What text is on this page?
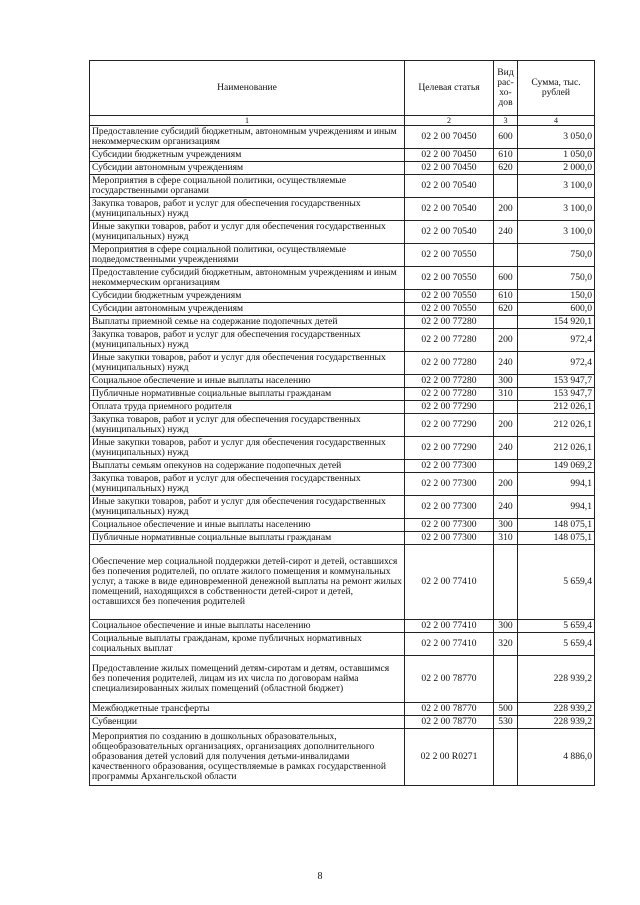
Наименование	Целевая статья	Вид рас-хо-дов	Сумма, тыс. рублей
1	2	3	4
Предоставление субсидий бюджетным, автономным учреждениям и иным некоммерческим организациям	02 2 00 70450	600	3 050,0
Субсидии бюджетным учреждениям	02 2 00 70450	610	1 050,0
Субсидии автономным учреждениям	02 2 00 70450	620	2 000,0
Мероприятия в сфере социальной политики, осуществляемые государственными органами	02 2 00 70540		3 100,0
Закупка товаров, работ и услуг для обеспечения государственных (муниципальных) нужд	02 2 00 70540	200	3 100,0
Иные закупки товаров, работ и услуг для обеспечения государственных (муниципальных) нужд	02 2 00 70540	240	3 100,0
Мероприятия в сфере социальной политики, осуществляемые подведомственными учреждениями	02 2 00 70550		750,0
Предоставление субсидий бюджетным, автономным учреждениям и иным некоммерческим организациям	02 2 00 70550	600	750,0
Субсидии бюджетным учреждениям	02 2 00 70550	610	150,0
Субсидии автономным учреждениям	02 2 00 70550	620	600,0
Выплаты приемной семье на содержание подопечных детей	02 2 00 77280		154 920,1
Закупка товаров, работ и услуг для обеспечения государственных (муниципальных) нужд	02 2 00 77280	200	972,4
Иные закупки товаров, работ и услуг для обеспечения государственных (муниципальных) нужд	02 2 00 77280	240	972,4
Социальное обеспечение и иные выплаты населению	02 2 00 77280	300	153 947,7
Публичные нормативные социальные выплаты гражданам	02 2 00 77280	310	153 947,7
Оплата труда приемного родителя	02 2 00 77290		212 026,1
Закупка товаров, работ и услуг для обеспечения государственных (муниципальных) нужд	02 2 00 77290	200	212 026,1
Иные закупки товаров, работ и услуг для обеспечения государственных (муниципальных) нужд	02 2 00 77290	240	212 026,1
Выплаты семьям опекунов на содержание подопечных детей	02 2 00 77300		149 069,2
Закупка товаров, работ и услуг для обеспечения государственных (муниципальных) нужд	02 2 00 77300	200	994,1
Иные закупки товаров, работ и услуг для обеспечения государственных (муниципальных) нужд	02 2 00 77300	240	994,1
Социальное обеспечение и иные выплаты населению	02 2 00 77300	300	148 075,1
Публичные нормативные социальные выплаты гражданам	02 2 00 77300	310	148 075,1
Обеспечение мер социальной поддержки детей-сирот и детей, оставшихся без попечения родителей, по оплате жилого помещения и коммунальных услуг, а также в виде единовременной денежной выплаты на ремонт жилых помещений, находящихся в собственности детей-сирот и детей, оставшихся без попечения родителей	02 2 00 77410		5 659,4
Социальное обеспечение и иные выплаты населению	02 2 00 77410	300	5 659,4
Социальные выплаты гражданам, кроме публичных нормативных социальных выплат	02 2 00 77410	320	5 659,4
Предоставление жилых помещений детям-сиротам и детям, оставшимся без попечения родителей, лицам из их числа по договорам найма специализированных жилых помещений (областной бюджет)	02 2 00 78770		228 939,2
Межбюджетные трансферты	02 2 00 78770	500	228 939,2
Субвенции	02 2 00 78770	530	228 939,2
Мероприятия по созданию в дошкольных образовательных, общеобразовательных организациях, организациях дополнительного образования детей условий для получения детьми-инвалидами качественного образования, осуществляемые в рамках государственной программы Архангельской области	02 2 00 R0271		4 886,0
8
